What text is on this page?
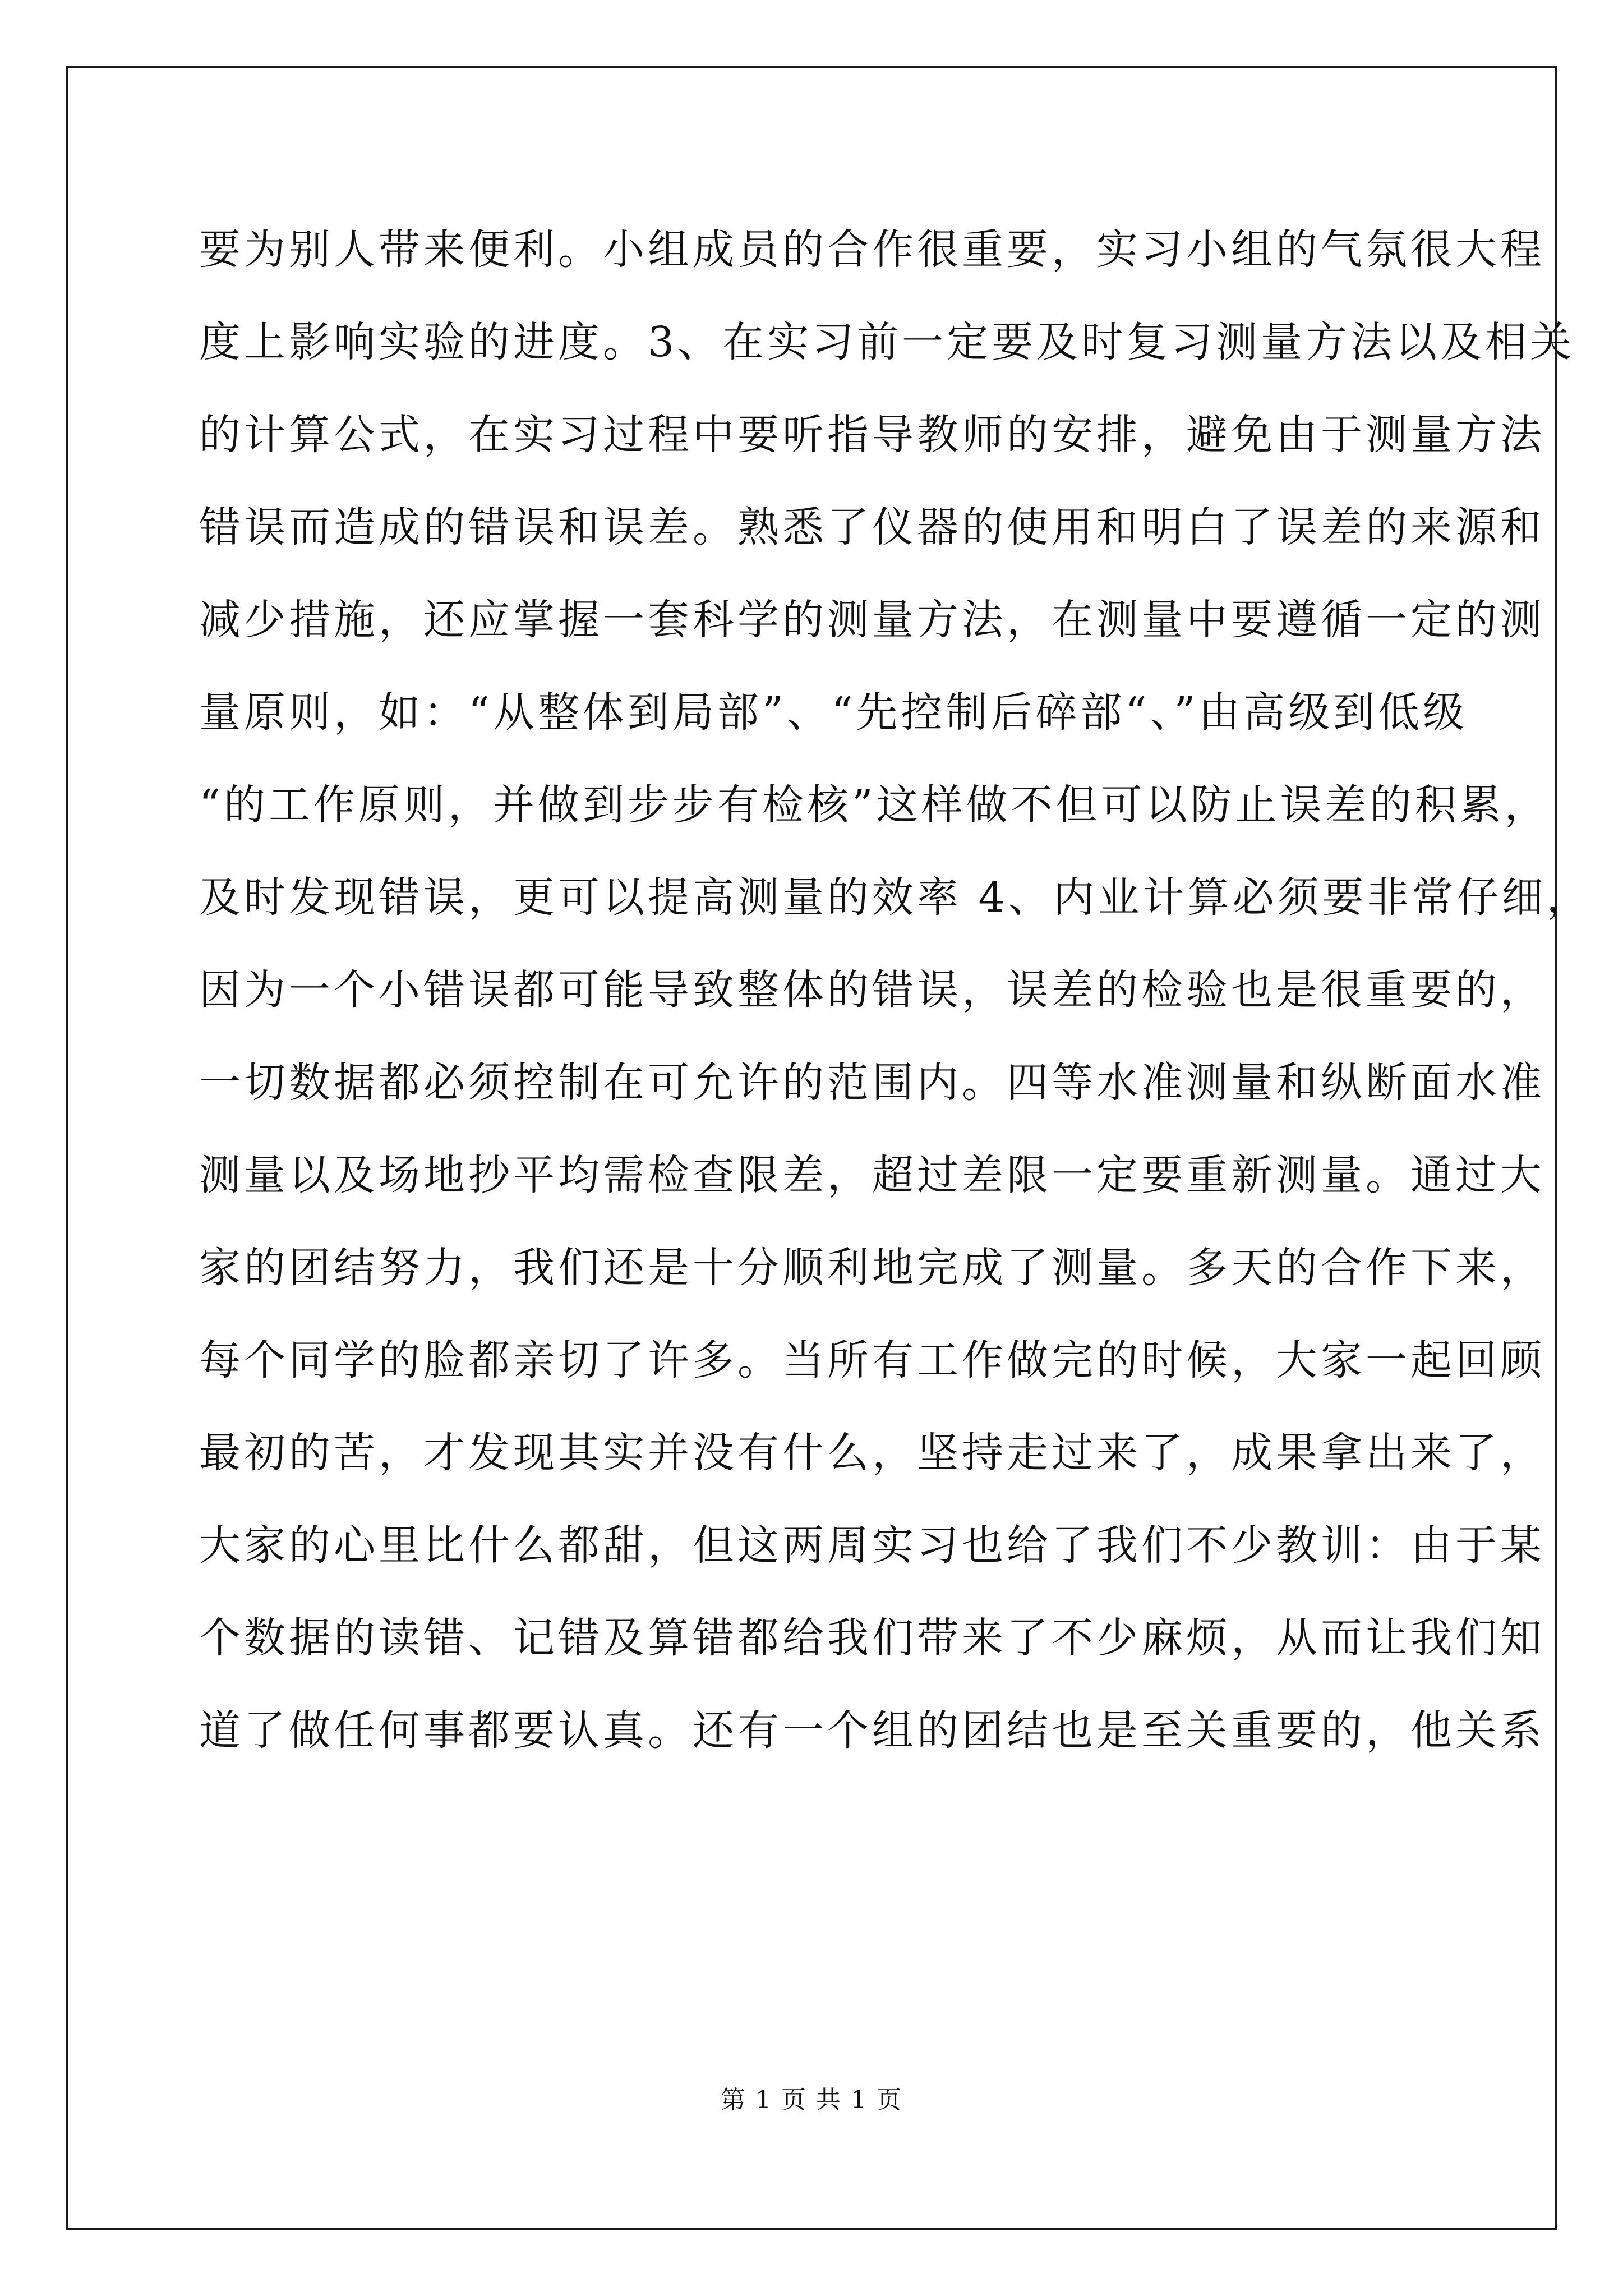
要为别人带来便利。小组成员的合作很重要，实习小组的气氛很大程
度上影响实验的进度。3、在实习前一定要及时复习测量方法以及相关
的计算公式，在实习过程中要听指导教师的安排，避免由于测量方法
错误而造成的错误和误差。熟悉了仪器的使用和明白了误差的来源和
减少措施，还应掌握一套科学的测量方法，在测量中要遵循一定的测
量原则，如：“从整体到局部”、“先控制后碎部“、”由高级到低级
“的工作原则，并做到步步有检核”这样做不但可以防止误差的积累，
及时发现错误，更可以提高测量的效率 4、内业计算必须要非常仔细，
因为一个小错误都可能导致整体的错误，误差的检验也是很重要的，
一切数据都必须控制在可允许的范围内。四等水准测量和纵断面水准
测量以及场地抄平均需检查限差，超过差限一定要重新测量。通过大
家的团结努力，我们还是十分顺利地完成了测量。多天的合作下来，
每个同学的脸都亲切了许多。当所有工作做完的时候，大家一起回顾
最初的苦，才发现其实并没有什么，坚持走过来了，成果拿出来了，
大家的心里比什么都甜，但这两周实习也给了我们不少教训：由于某
个数据的读错、记错及算错都给我们带来了不少麻烦，从而让我们知
道了做任何事都要认真。还有一个组的团结也是至关重要的，他关系
第 1 页 共 1 页
